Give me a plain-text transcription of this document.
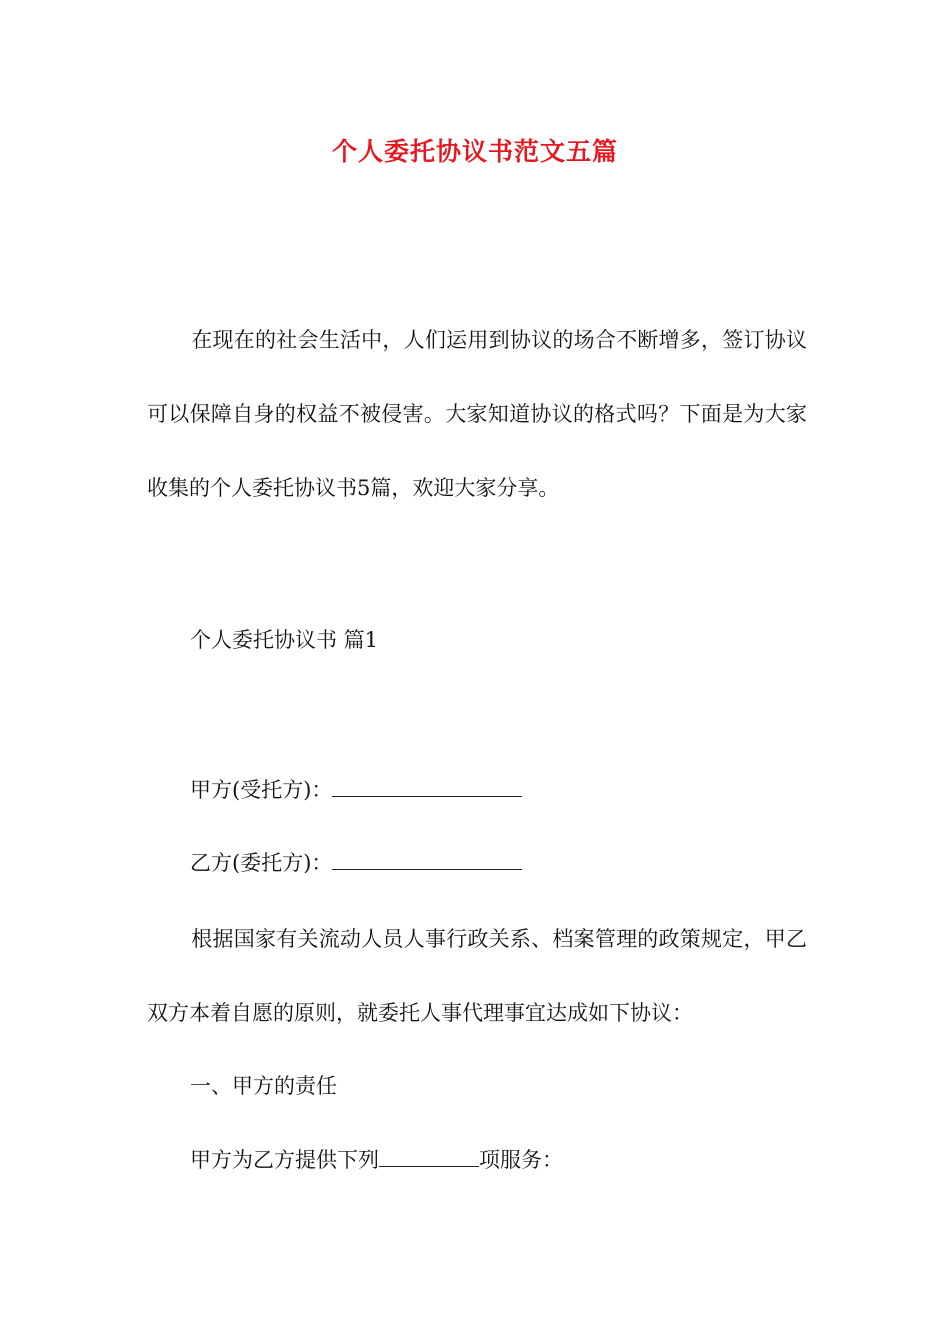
个人委托协议书范文五篇

在现在的社会生活中，人们运用到协议的场合不断增多，签订协议可以保障自身的权益不被侵害。大家知道协议的格式吗？下面是为大家收集的个人委托协议书5篇，欢迎大家分享。

个人委托协议书 篇1
甲方(受托方)：
乙方(委托方)：

根据国家有关流动人员人事行政关系、档案管理的政策规定，甲乙双方本着自愿的原则，就委托人事代理事宜达成如下协议：

一、甲方的责任
甲方为乙方提供下列	项服务：
